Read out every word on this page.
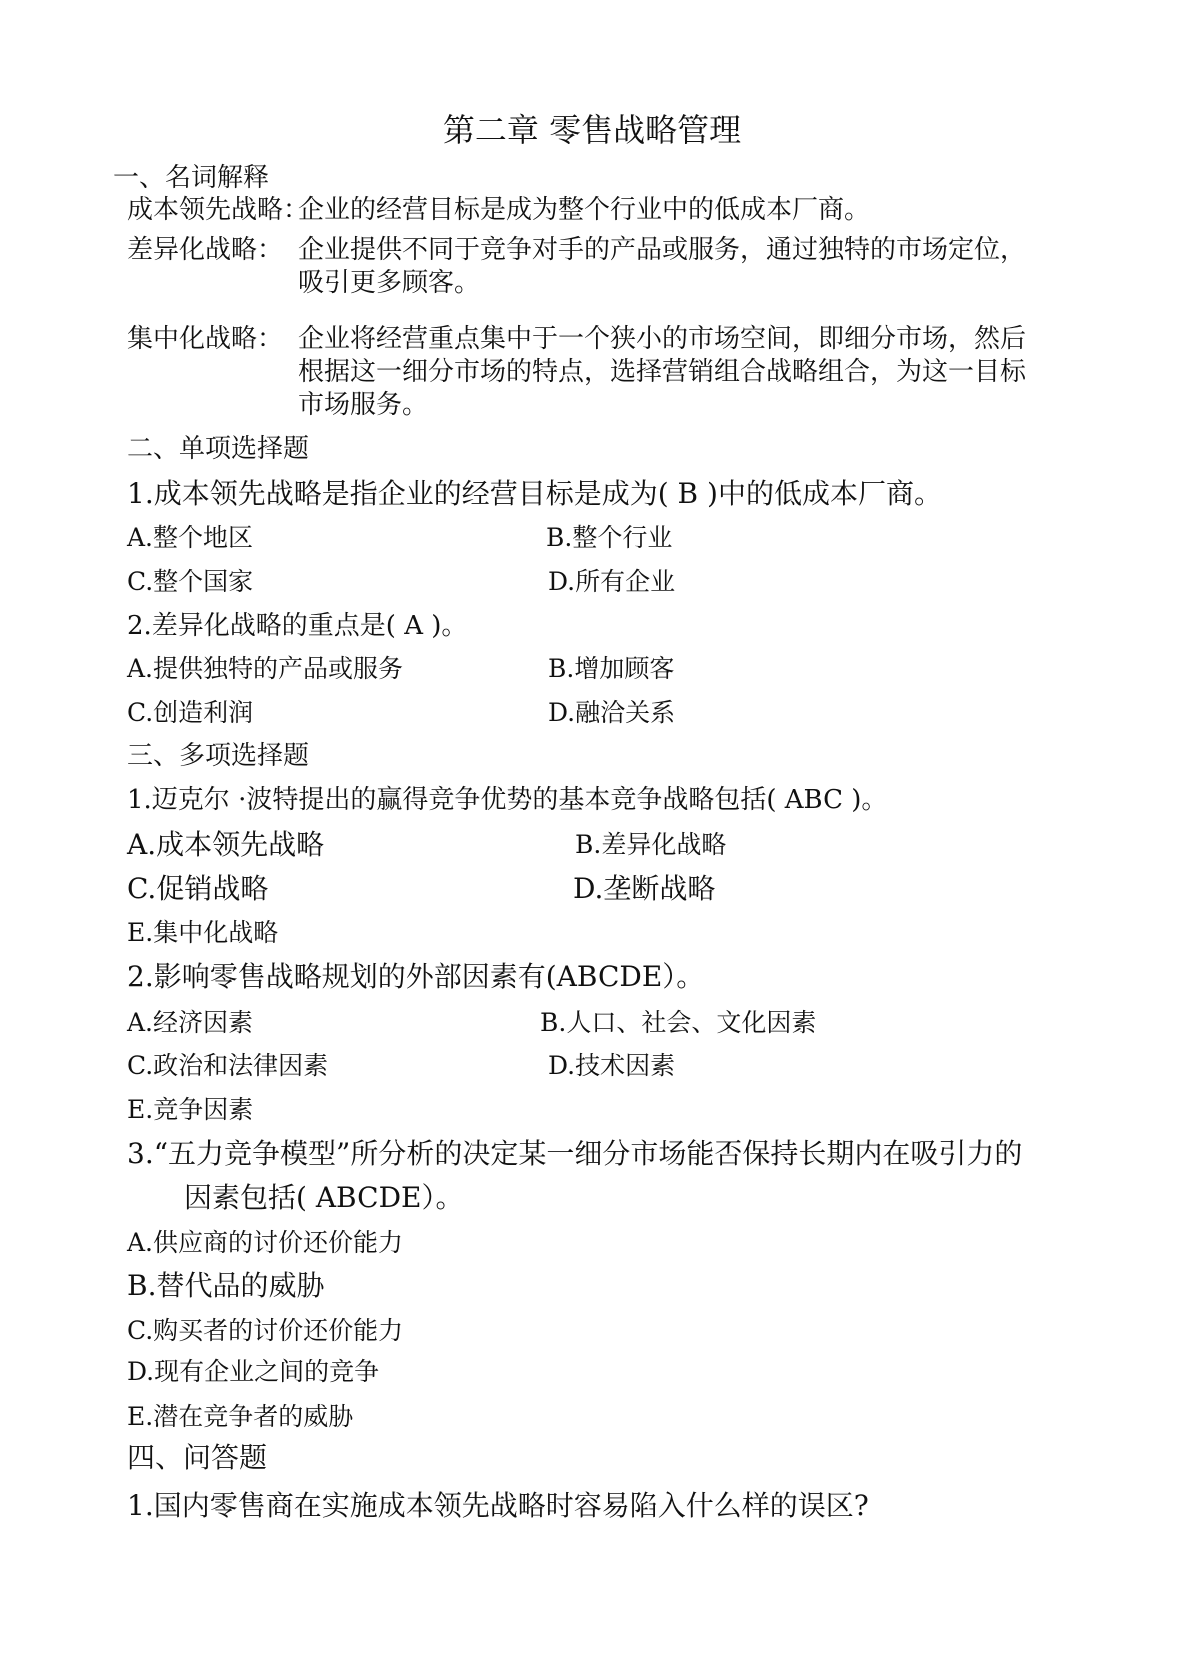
第二章 零售战略管理
一、名词解释
成本领先战略：
企业的经营目标是成为整个行业中的低成本厂商。
差异化战略： 企业提供不同于竞争对手的产品或服务，通过独特的市场定位，
吸引更多顾客。
集中化战略： 企业将经营重点集中于一个狭小的市场空间，即细分市场，然后
根据这一细分市场的特点，选择营销组合战略组合，为这一目标
市场服务。
二、单项选择题
1.成本领先战略是指企业的经营目标是成为( B )中的低成本厂商。
A.整个地区	B.整个行业
C.整个国家	D.所有企业
2.差异化战略的重点是( A )。
A.提供独特的产品或服务	B.增加顾客
C.创造利润	D.融洽关系
三、多项选择题
1.迈克尔 ·波特提出的赢得竞争优势的基本竞争战略包括( ABC )。
A.成本领先战略	B.差异化战略
C.促销战略	D.垄断战略
E.集中化战略
2.影响零售战略规划的外部因素有(ABCDE）。
A.经济因素	B.人口、社会、文化因素
C.政治和法律因素	D.技术因素
E.竞争因素
3.“五力竞争模型”所分析的决定某一细分市场能否保持长期内在吸引力的
因素包括( ABCDE）。
A.供应商的讨价还价能力
B.替代品的威胁
C.购买者的讨价还价能力
D.现有企业之间的竞争
E.潜在竞争者的威胁
四、问答题
1.国内零售商在实施成本领先战略时容易陷入什么样的误区?
